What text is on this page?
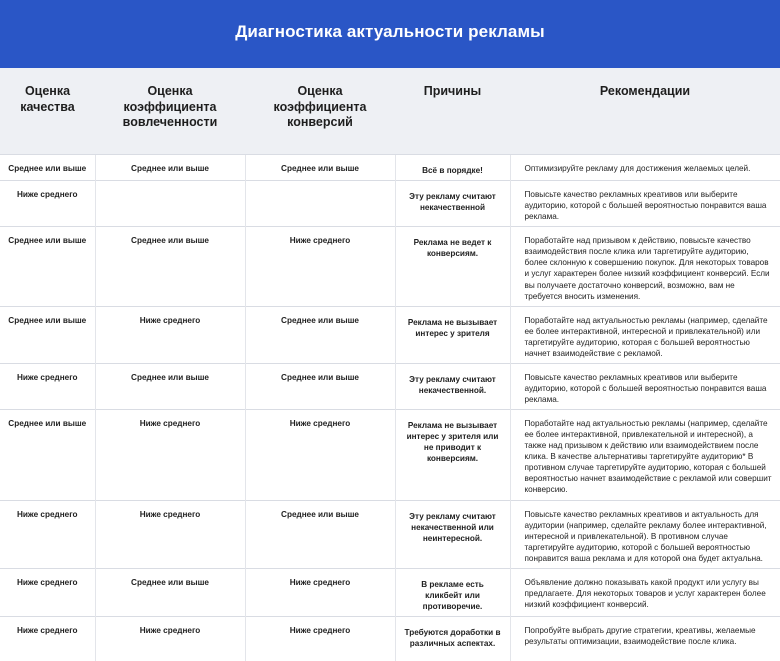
Диагностика актуальности рекламы
Оценка качества	Оценка коэффициента вовлеченности	Оценка коэффициента конверсий	Причины	Рекомендации
Среднее или выше	Среднее или выше	Среднее или выше	Всё в порядке!	Оптимизируйте рекламу для достижения желаемых целей.
Ниже среднего			Эту рекламу считают некачественной	Повысьте качество рекламных креативов или выберите аудиторию, которой с большей вероятностью понравится ваша реклама.
Среднее или выше	Среднее или выше	Ниже среднего	Реклама не ведет к конверсиям.	Поработайте над призывом к действию, повысьте качество взаимодействия после клика или таргетируйте аудиторию, более склонную к совершению покупок. Для некоторых товаров и услуг характерен более низкий коэффициент конверсий. Если вы получаете достаточно конверсий, возможно, вам не требуется вносить изменения.
Среднее или выше	Ниже среднего	Среднее или выше	Реклама не вызывает интерес у зрителя	Поработайте над актуальностью рекламы (например, сделайте ее более интерактивной, интересной и привлекательной) или таргетируйте аудиторию, которая с большей вероятностью начнет взаимодействие с рекламой.
Ниже среднего	Среднее или выше	Среднее или выше	Эту рекламу считают некачественной.	Повысьте качество рекламных креативов или выберите аудиторию, которой с большей вероятностью понравится ваша реклама.
Среднее или выше	Ниже среднего	Ниже среднего	Реклама не вызывает интерес у зрителя или не приводит к конверсиям.	Поработайте над актуальностью рекламы (например, сделайте ее более интерактивной, привлекательной и интересной), а также над призывом к действию или взаимодействием после клика. В качестве альтернативы таргетируйте аудиторию* В противном случае таргетируйте аудиторию, которая с большей вероятностью начнет взаимодействие с рекламой или совершит конверсию.
Ниже среднего	Ниже среднего	Среднее или выше	Эту рекламу считают некачественной или неинтересной.	Повысьте качество рекламных креативов и актуальность для аудитории (например, сделайте рекламу более интерактивной, интересной и привлекательной). В противном случае таргетируйте аудиторию, которой с большей вероятностью понравится ваша реклама и для которой она будет актуальна.
Ниже среднего	Среднее или выше	Ниже среднего	В рекламе есть кликбейт или противоречие.	Объявление должно показывать какой продукт или услугу вы предлагаете. Для некоторых товаров и услуг характерен более низкий коэффициент конверсий.
Ниже среднего	Ниже среднего	Ниже среднего	Требуются доработки в различных аспектах.	Попробуйте выбрать другие стратегии, креативы, желаемые результаты оптимизации, взаимодействие после клика.
